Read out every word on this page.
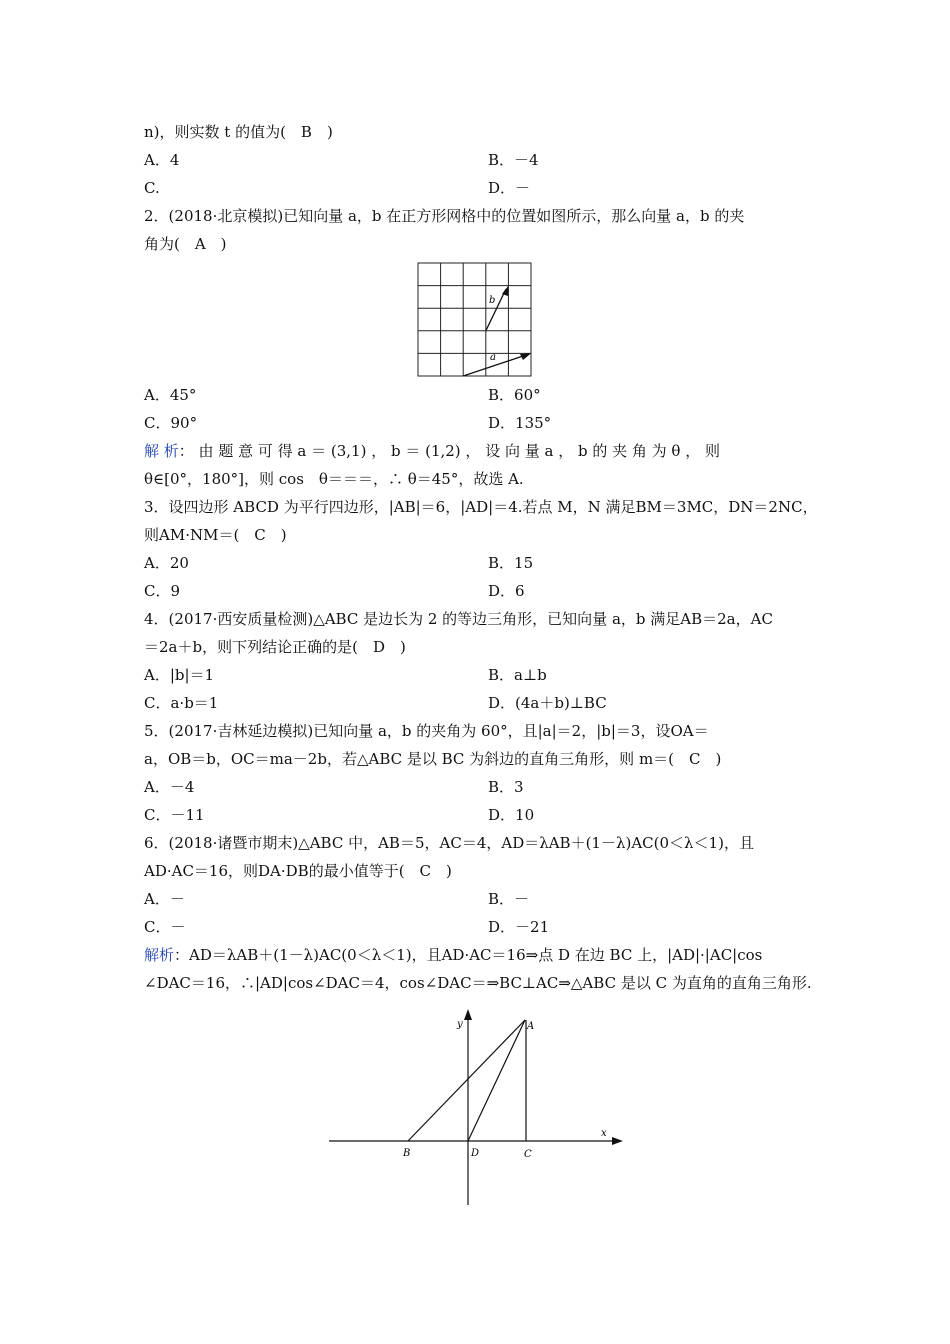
n)，则实数 t 的值为(　B　)
A．4	B．－4
C.	D．－
2．(2018·北京模拟)已知向量 a，b 在正方形网格中的位置如图所示，那么向量 a，b 的夹
角为(　A　)
a
b
A．45°	B．60°
C．90°	D．135°
解 析： 由 题 意 可 得 a ＝ (3,1) ， b ＝ (1,2) ， 设 向 量 a ， b 的 夹 角 为 θ ， 则
θ∈[0°，180°]，则 cos　θ＝＝＝，∴ θ＝45°，故选 A.
3．设四边形 ABCD 为平行四边形，|AB|＝6，|AD|＝4.若点 M，N 满足BM＝3MC，DN＝2NC，
则AM·NM＝(　C　)
A．20	B．15
C．9	D．6
4．(2017·西安质量检测)△ABC 是边长为 2 的等边三角形，已知向量 a，b 满足AB＝2a，AC
＝2a＋b，则下列结论正确的是(　D　)
A．|b|＝1	B．a⊥b
C．a·b＝1	D．(4a＋b)⊥BC
5．(2017·吉林延边模拟)已知向量 a，b 的夹角为 60°，且|a|＝2，|b|＝3，设OA＝
a，OB＝b，OC＝ma－2b，若△ABC 是以 BC 为斜边的直角三角形，则 m＝(　C　)
A．－4	B．3
C．－11	D．10
6．(2018·诸暨市期末)△ABC 中，AB＝5，AC＝4，AD＝λAB＋(1－λ)AC(0＜λ＜1)，且
AD·AC＝16，则DA·DB的最小值等于(　C　)
A．－	B．－
C．－	D．－21
解析：AD＝λAB＋(1－λ)AC(0＜λ＜1)，且AD·AC＝16⇒点 D 在边 BC 上，|AD|·|AC|cos
∠DAC＝16，∴|AD|cos∠DAC＝4，cos∠DAC＝⇒BC⊥AC⇒△ABC 是以 C 为直角的直角三角形.
x
y	A
B	D	C
